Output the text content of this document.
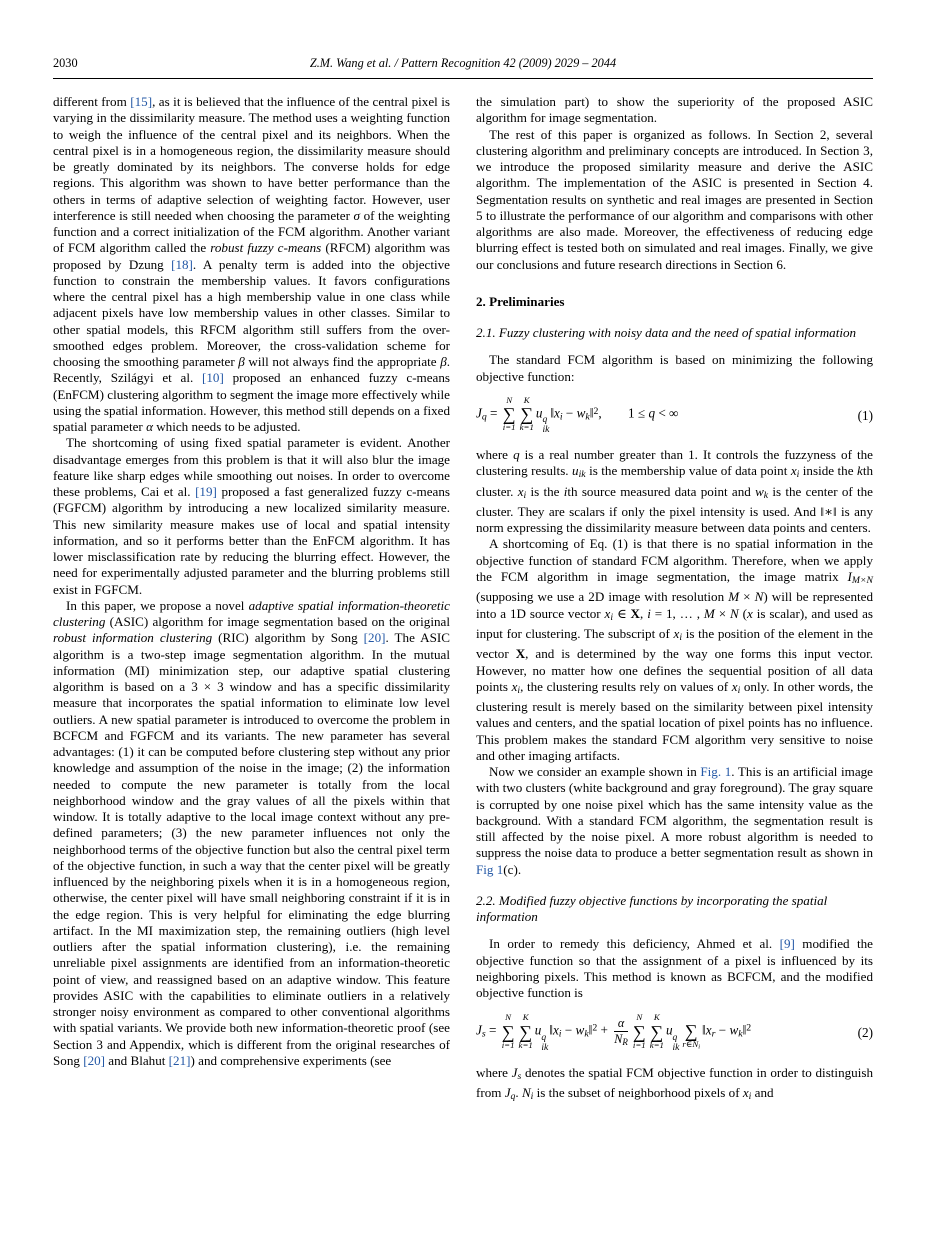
2030	Z.M. Wang et al. / Pattern Recognition 42 (2009) 2029 – 2044

different from [15], as it is believed that the influence of the central pixel is varying in the dissimilarity measure. The method uses a weighting function to weigh the influence of the central pixel and its neighbors. When the central pixel is in a homogeneous region, the dissimilarity measure should be greatly dominated by its neighbors. The converse holds for edge regions. This algorithm was shown to have better performance than the others in terms of adaptive selection of weighting factor. However, user interference is still needed when choosing the parameter σ of the weighting function and a correct initialization of the FCM algorithm. Another variant of FCM algorithm called the robust fuzzy c-means (RFCM) algorithm was proposed by Dzung [18]. A penalty term is added into the objective function to constrain the membership values. It favors configurations where the central pixel has a high membership value in one class while adjacent pixels have low membership values in other classes. Similar to other spatial models, this RFCM algorithm still suffers from the over-smoothed edges problem. Moreover, the cross-validation scheme for choosing the smoothing parameter β will not always find the appropriate β. Recently, Szilágyi et al. [10] proposed an enhanced fuzzy c-means (EnFCM) clustering algorithm to segment the image more effectively while using the spatial information. However, this method still depends on a fixed spatial parameter α which needs to be adjusted.

The shortcoming of using fixed spatial parameter is evident. Another disadvantage emerges from this problem is that it will also blur the image feature like sharp edges while smoothing out noises. In order to overcome these problems, Cai et al. [19] proposed a fast generalized fuzzy c-means (FGFCM) algorithm by introducing a new localized similarity measure. This new similarity measure makes use of local and spatial intensity information, and so it performs better than the EnFCM algorithm. It has lower misclassification rate by reducing the blurring effect. However, the need for experimentally adjusted parameter and the blurring problems still exist in FGFCM.

In this paper, we propose a novel adaptive spatial information-theoretic clustering (ASIC) algorithm for image segmentation based on the original robust information clustering (RIC) algorithm by Song [20]. The ASIC algorithm is a two-step image segmentation algorithm. In the mutual information (MI) minimization step, our adaptive spatial clustering algorithm is based on a 3 × 3 window and has a specific dissimilarity measure that incorporates the spatial information to eliminate low level outliers. A new spatial parameter is introduced to overcome the problem in BCFCM and FGFCM and its variants. The new parameter has several advantages: (1) it can be computed before clustering step without any prior knowledge and assumption of the noise in the image; (2) the information needed to compute the new parameter is totally from the local neighborhood window and the gray values of all the pixels within that window. It is totally adaptive to the local image context without any pre-defined parameters; (3) the new parameter influences not only the neighborhood terms of the objective function but also the central pixel term of the objective function, in such a way that the center pixel will be greatly influenced by the neighboring pixels when it is in a homogeneous region, otherwise, the center pixel will have small neighboring constraint if it is in the edge region. This is very helpful for eliminating the edge blurring artifact. In the MI maximization step, the remaining outliers (high level outliers after the spatial information clustering), i.e. the remaining unreliable pixel assignments are identified from an information-theoretic point of view, and reassigned based on an adaptive window. This feature provides ASIC with the capabilities to eliminate outliers in a relatively stronger noisy environment as compared to other conventional algorithms with spatial variants. We provide both new information-theoretic proof (see Section 3 and Appendix, which is different from the original researches of Song [20] and Blahut [21]) and comprehensive experiments (see

the simulation part) to show the superiority of the proposed ASIC algorithm for image segmentation.

The rest of this paper is organized as follows. In Section 2, several clustering algorithm and preliminary concepts are introduced. In Section 3, we introduce the proposed similarity measure and derive the ASIC algorithm. The implementation of the ASIC is presented in Section 4. Segmentation results on synthetic and real images are presented in Section 5 to illustrate the performance of our algorithm and comparisons with other algorithms are also made. Moreover, the effectiveness of reducing edge blurring effect is tested both on simulated and real images. Finally, we give our conclusions and future research directions in Section 6.

2. Preliminaries
2.1. Fuzzy clustering with noisy data and the need of spatial information

The standard FCM algorithm is based on minimizing the following objective function:

Jq =
N
∑
i=1
K
∑
k=1
u q
ik
‖xi − wk‖$^2$,  1 ≤ q < ∞	(1)

where q is a real number greater than 1. It controls the fuzzyness of the clustering results. uik is the membership value of data point xi inside the kth cluster. xi is the ith source measured data point and wk is the center of the cluster. They are scalars if only the pixel intensity is used. And ‖∗‖ is any norm expressing the dissimilarity measure between data points and centers.

A shortcoming of Eq. (1) is that there is no spatial information in the objective function of standard FCM algorithm. Therefore, when we apply the FCM algorithm in image segmentation, the image matrix IM×N (supposing we use a 2D image with resolution M × N) will be represented into a 1D source vector xi ∈ X, i = 1, … , M × N (x is scalar), and used as input for clustering. The subscript of xi is the position of the element in the vector X, and is determined by the way one forms this input vector. However, no matter how one defines the sequential position of all data points xi, the clustering results rely on values of xi only. In other words, the clustering result is merely based on the similarity between pixel intensity values and centers, and the spatial location of pixel points has no influence. This problem makes the standard FCM algorithm very sensitive to noise and other imaging artifacts.

Now we consider an example shown in Fig. 1. This is an artificial image with two clusters (white background and gray foreground). The gray square is corrupted by one noise pixel which has the same intensity value as the background. With a standard FCM algorithm, the segmentation result is still affected by the noise pixel. A more robust algorithm is needed to suppress the noise data to produce a better segmentation result as shown in Fig 1(c).

2.2. Modified fuzzy objective functions by incorporating the spatial information

In order to remedy this deficiency, Ahmed et al. [9] modified the objective function so that the assignment of a pixel is influenced by its neighboring pixels. This method is known as BCFCM, and the modified objective function is

Js =
N
∑
i=1
K
∑
k=1
u q
ik
‖xi − wk‖$^2$ + $\frac{\alpha}{NR}$ N
∑
i=1
K
∑
k=1
u q
ik
∑
r∈Ni
‖xr − wk‖$^2$	(2)

where Js denotes the spatial FCM objective function in order to distinguish from Jq. Ni is the subset of neighborhood pixels of xi and
